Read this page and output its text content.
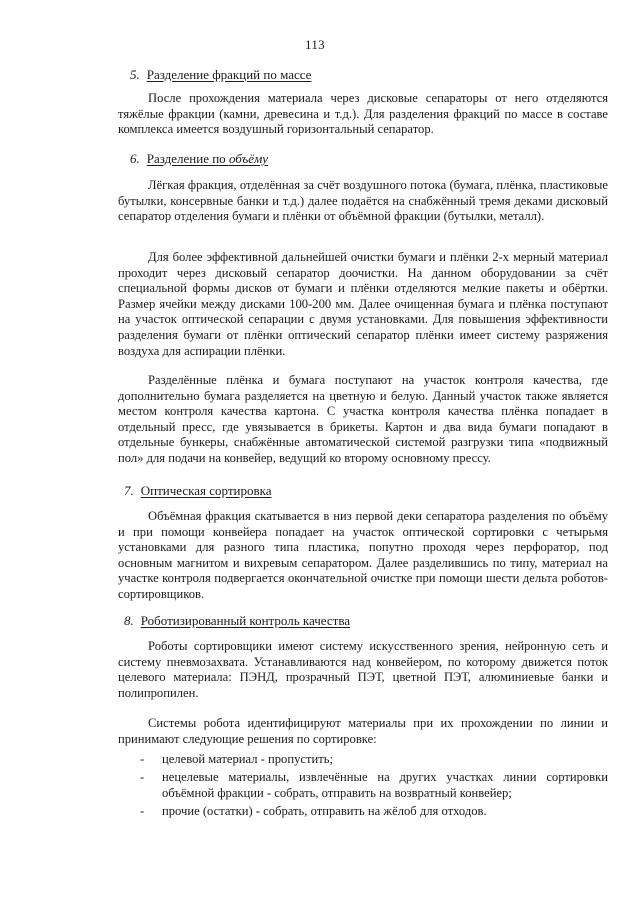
113
5. Разделение фракций по массе
После прохождения материала через дисковые сепараторы от него отделяются тяжёлые фракции (камни, древесина и т.д.). Для разделения фракций по массе в составе комплекса имеется воздушный горизонтальный сепаратор.
6. Разделение по объёму
Лёгкая фракция, отделённая за счёт воздушного потока (бумага, плёнка, пластиковые бутылки, консервные банки и т.д.) далее подаётся на снабжённый тремя деками дисковый сепаратор отделения бумаги и плёнки от объёмной фракции (бутылки, металл).
Для более эффективной дальнейшей очистки бумаги и плёнки 2-х мерный материал проходит через дисковый сепаратор доочистки. На данном оборудовании за счёт специальной формы дисков от бумаги и плёнки отделяются мелкие пакеты и обёртки. Размер ячейки между дисками 100-200 мм. Далее очищенная бумага и плёнка поступают на участок оптической сепарации с двумя установками. Для повышения эффективности разделения бумаги от плёнки оптический сепаратор плёнки имеет систему разряжения воздуха для аспирации плёнки.
Разделённые плёнка и бумага поступают на участок контроля качества, где дополнительно бумага разделяется на цветную и белую. Данный участок также является местом контроля качества картона. С участка контроля качества плёнка попадает в отдельный пресс, где увязывается в брикеты. Картон и два вида бумаги попадают в отдельные бункеры, снабжённые автоматической системой разгрузки типа «подвижный пол» для подачи на конвейер, ведущий ко второму основному прессу.
7. Оптическая сортировка
Объёмная фракция скатывается в низ первой деки сепаратора разделения по объёму и при помощи конвейера попадает на участок оптической сортировки с четырьмя установками для разного типа пластика, попутно проходя через перфоратор, под основным магнитом и вихревым сепаратором. Далее разделившись по типу, материал на участке контроля подвергается окончательной очистке при помощи шести дельта роботов-сортировщиков.
8. Роботизированный контроль качества
Роботы сортировщики имеют систему искусственного зрения, нейронную сеть и систему пневмозахвата. Устанавливаются над конвейером, по которому движется поток целевого материала: ПЭНД, прозрачный ПЭТ, цветной ПЭТ, алюминиевые банки и полипропилен.
Системы робота идентифицируют материалы при их прохождении по линии и принимают следующие решения по сортировке:
- целевой материал - пропустить;
- нецелевые материалы, извлечённые на других участках линии сортировки объёмной фракции - собрать, отправить на возвратный конвейер;
- прочие (остатки) - собрать, отправить на жёлоб для отходов.
